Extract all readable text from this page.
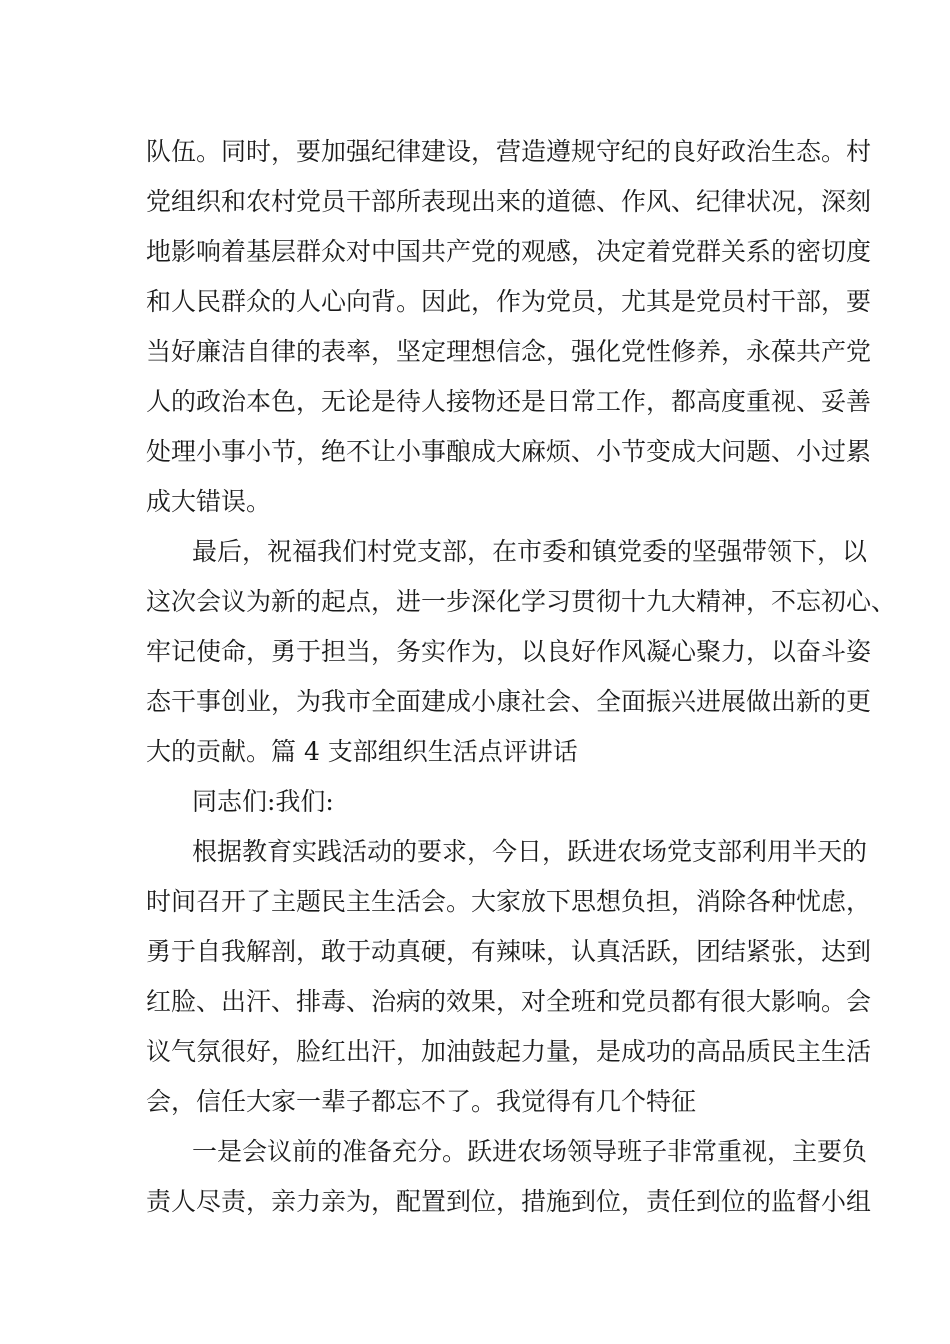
队伍。同时，要加强纪律建设，营造遵规守纪的良好政治生态。村
党组织和农村党员干部所表现出来的道德、作风、纪律状况，深刻
地影响着基层群众对中国共产党的观感，决定着党群关系的密切度
和人民群众的人心向背。因此，作为党员，尤其是党员村干部，要
当好廉洁自律的表率，坚定理想信念，强化党性修养，永葆共产党
人的政治本色，无论是待人接物还是日常工作，都高度重视、妥善
处理小事小节，绝不让小事酿成大麻烦、小节变成大问题、小过累
成大错误。
最后，祝福我们村党支部，在市委和镇党委的坚强带领下，以
这次会议为新的起点，进一步深化学习贯彻十九大精神，不忘初心、
牢记使命，勇于担当，务实作为，以良好作风凝心聚力，以奋斗姿
态干事创业，为我市全面建成小康社会、全面振兴进展做出新的更
大的贡献。篇 4 支部组织生活点评讲话
同志们:我们:
根据教育实践活动的要求，今日，跃进农场党支部利用半天的
时间召开了主题民主生活会。大家放下思想负担，消除各种忧虑，
勇于自我解剖，敢于动真硬，有辣味，认真活跃，团结紧张，达到
红脸、出汗、排毒、治病的效果，对全班和党员都有很大影响。会
议气氛很好，脸红出汗，加油鼓起力量，是成功的高品质民主生活
会，信任大家一辈子都忘不了。我觉得有几个特征
一是会议前的准备充分。跃进农场领导班子非常重视，主要负
责人尽责，亲力亲为，配置到位，措施到位，责任到位的监督小组
